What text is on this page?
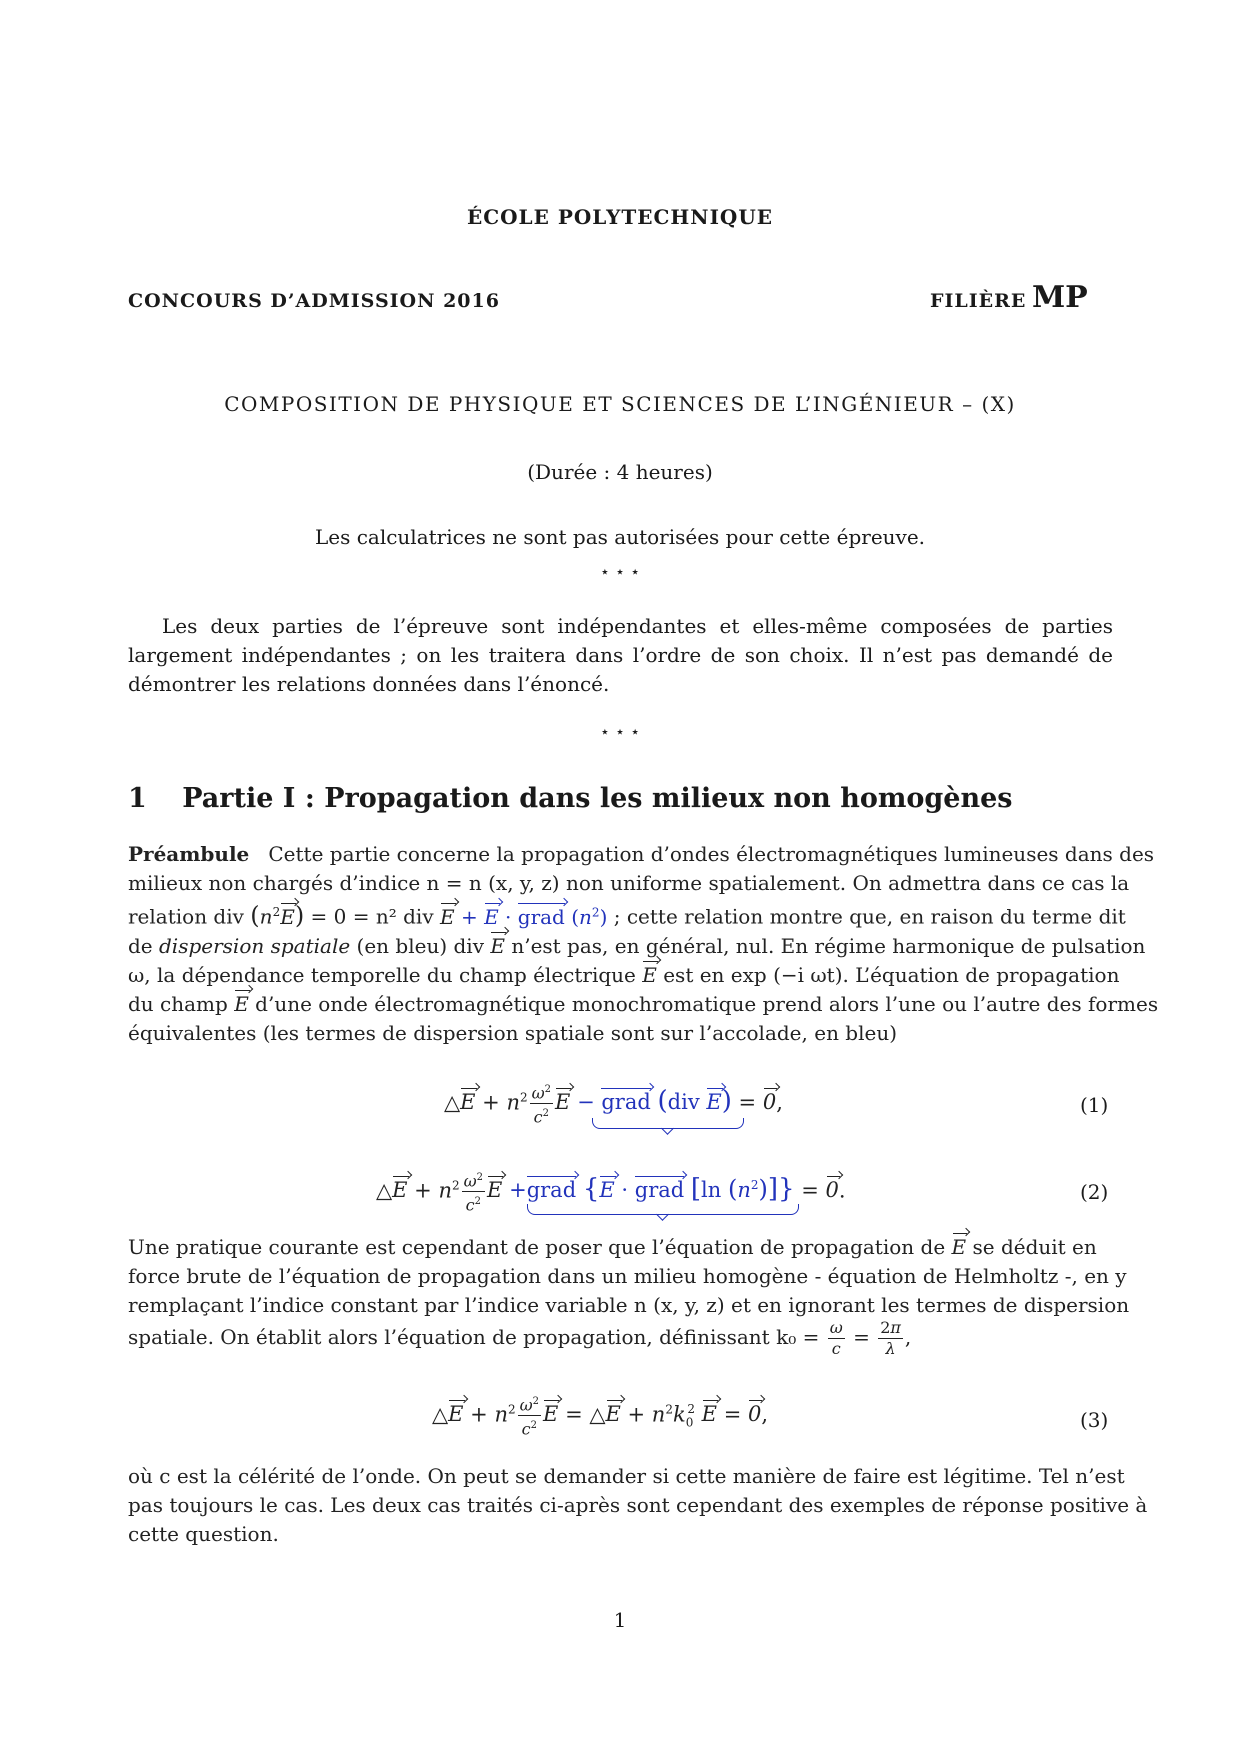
ÉCOLE POLYTECHNIQUE
CONCOURS D’ADMISSION 2016	FILIÈRE MP
COMPOSITION DE PHYSIQUE ET SCIENCES DE L’INGÉNIEUR – (X)
(Durée : 4 heures)
Les calculatrices ne sont pas autorisées pour cette épreuve.
⋆ ⋆ ⋆
Les deux parties de l’épreuve sont indépendantes et elles-même composées de parties largement indépendantes ; on les traitera dans l’ordre de son choix. Il n’est pas demandé de démontrer les relations données dans l’énoncé.
⋆ ⋆ ⋆
1 Partie I : Propagation dans les milieux non homogènes
Préambule Cette partie concerne la propagation d’ondes électromagnétiques lumineuses dans des
milieux non chargés d’indice n = n (x, y, z) non uniforme spatialement. On admettra dans ce cas la
relation div $(n^2E) = 0 = n^2$ div E + E · grad $(n^2)$ ; cette relation montre que, en raison du terme dit
de dispersion spatiale (en bleu) div E n’est pas, en général, nul. En régime harmonique de pulsation
ω, la dépendance temporelle du champ électrique E est en exp (−i ωt). L’équation de propagation
du champ E d’une onde électromagnétique monochromatique prend alors l’une ou l’autre des formes
équivalentes (les termes de dispersion spatiale sont sur l’accolade, en bleu)
△E + $n^2 \frac{\omega^2}{c^2}$ E − grad (div E) = 0,	(1)
△E + $n^2 \frac{\omega^2}{c^2}$ E +grad {E · grad [ln $(n^2)]\} = 0$.	(2)
Une pratique courante est cependant de poser que l’équation de propagation de E se déduit en
force brute de l’équation de propagation dans un milieu homogène - équation de Helmholtz -, en y
remplaçant l’indice constant par l’indice variable n (x, y, z) et en ignorant les termes de dispersion
spatiale. On établit alors l’équation de propagation, définissant $k_0 = \frac{\omega}{c} = \frac{2\pi}{\lambda}$ ,
△E + $n^2 \frac{\omega^2}{c^2}$ E = △E + $n^2k_0^2$ E = 0,	(3)
où c est la célérité de l’onde. On peut se demander si cette manière de faire est légitime. Tel n’est
pas toujours le cas. Les deux cas traités ci-après sont cependant des exemples de réponse positive à
cette question.
1
